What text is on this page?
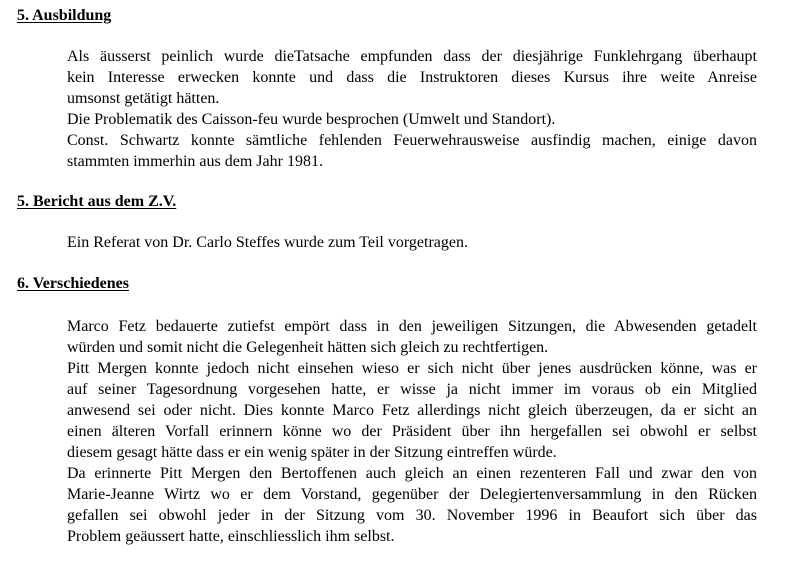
5. Ausbildung
Als äusserst peinlich wurde dieTatsache empfunden dass der diesjährige Funklehrgang überhaupt
kein Interesse erwecken konnte und dass die Instruktoren dieses Kursus ihre weite Anreise
umsonst getätigt hätten.
Die Problematik des Caisson-feu wurde besprochen (Umwelt und Standort).
Const. Schwartz konnte sämtliche fehlenden Feuerwehrausweise ausfindig machen, einige davon
stammten immerhin aus dem Jahr 1981.
5. Bericht aus dem Z.V.
Ein Referat von Dr. Carlo Steffes wurde zum Teil vorgetragen.
6. Verschiedenes
Marco Fetz bedauerte zutiefst empört dass in den jeweiligen Sitzungen, die Abwesenden getadelt
würden und somit nicht die Gelegenheit hätten sich gleich zu rechtfertigen.
Pitt Mergen konnte jedoch nicht einsehen wieso er sich nicht über jenes ausdrücken könne, was er
auf seiner Tagesordnung vorgesehen hatte, er wisse ja nicht immer im voraus ob ein Mitglied
anwesend sei oder nicht. Dies konnte Marco Fetz allerdings nicht gleich überzeugen, da er sicht an
einen älteren Vorfall erinnern könne wo der Präsident über ihn hergefallen sei obwohl er selbst
diesem gesagt hätte dass er ein wenig später in der Sitzung eintreffen würde.
Da erinnerte Pitt Mergen den Bertoffenen auch gleich an einen rezenteren Fall und zwar den von
Marie-Jeanne Wirtz wo er dem Vorstand, gegenüber der Delegiertenversammlung in den Rücken
gefallen sei obwohl jeder in der Sitzung vom 30. November 1996 in Beaufort sich über das
Problem geäussert hatte, einschliesslich ihm selbst.
